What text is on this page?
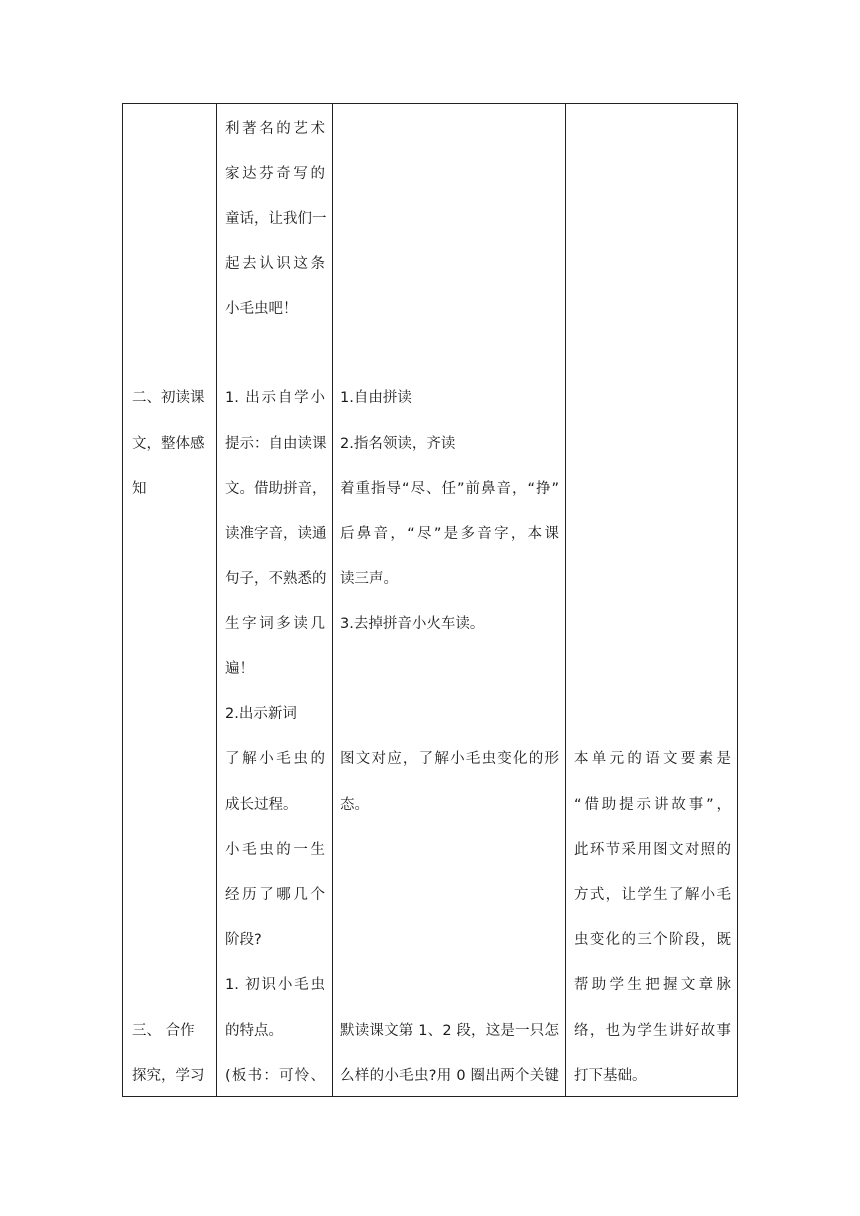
二、初读课
文，整体感
知
三、 合作
探究，学习
利著名的艺术
家达芬奇写的
童话，让我们一
起去认识这条
小毛虫吧！
1. 出示自学小
提示：自由读课
文。借助拼音，
读准字音，读通
句子，不熟悉的
生字词多读几
遍！
2.出示新词
了解小毛虫的
成长过程。
小毛虫的一生
经历了哪几个
阶段?
1. 初识小毛虫
的特点。
(板书：可怜、
1.自由拼读
2.指名领读，齐读
着重指导“尽、任”前鼻音，“挣”
后鼻音，“尽”是多音字，本课
读三声。
3.去掉拼音小火车读。
图文对应，了解小毛虫变化的形
态。
默读课文第 1、2 段，这是一只怎
么样的小毛虫?用 0 圈出两个关键
本单元的语文要素是
“借助提示讲故事”，
此环节采用图文对照的
方式，让学生了解小毛
虫变化的三个阶段，既
帮助学生把握文章脉
络，也为学生讲好故事
打下基础。
